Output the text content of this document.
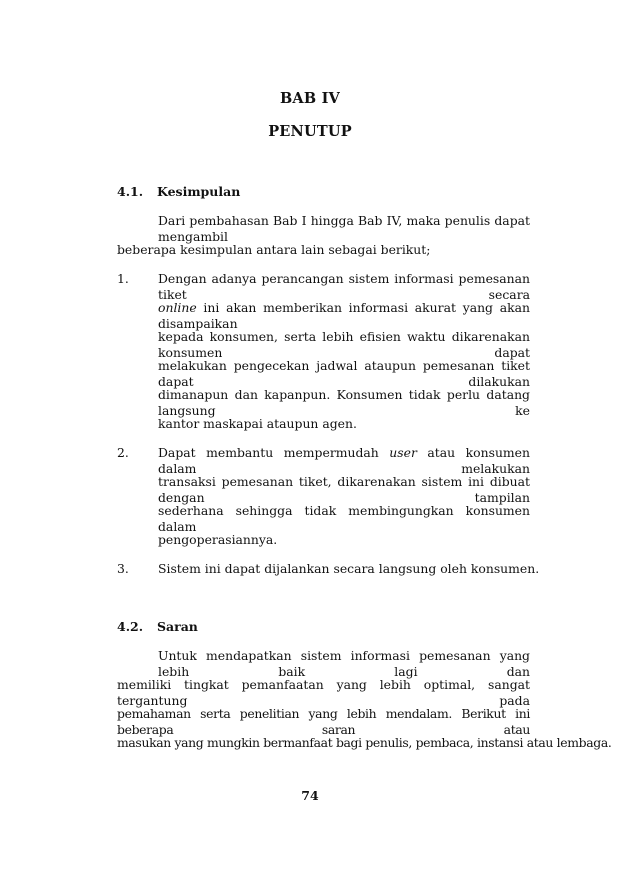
BAB IV
PENUTUP
4.1. Kesimpulan
Dari pembahasan Bab I hingga Bab IV, maka penulis dapat mengambil
beberapa kesimpulan antara lain sebagai berikut;
1. Dengan adanya perancangan sistem informasi pemesanan tiket secara
online ini akan memberikan informasi akurat yang akan disampaikan
kepada konsumen, serta lebih efisien waktu dikarenakan konsumen dapat
melakukan pengecekan jadwal ataupun pemesanan tiket dapat dilakukan
dimanapun dan kapanpun. Konsumen tidak perlu datang langsung ke
kantor maskapai ataupun agen.
2. Dapat membantu mempermudah user atau konsumen dalam melakukan
transaksi pemesanan tiket, dikarenakan sistem ini dibuat dengan tampilan
sederhana sehingga tidak membingungkan konsumen dalam
pengoperasiannya.
3. Sistem ini dapat dijalankan secara langsung oleh konsumen.
4.2. Saran
Untuk mendapatkan sistem informasi pemesanan yang lebih baik lagi dan
memiliki tingkat pemanfaatan yang lebih optimal, sangat tergantung pada
pemahaman serta penelitian yang lebih mendalam. Berikut ini beberapa saran atau
masukan yang mungkin bermanfaat bagi penulis, pembaca, instansi atau lembaga.
74
